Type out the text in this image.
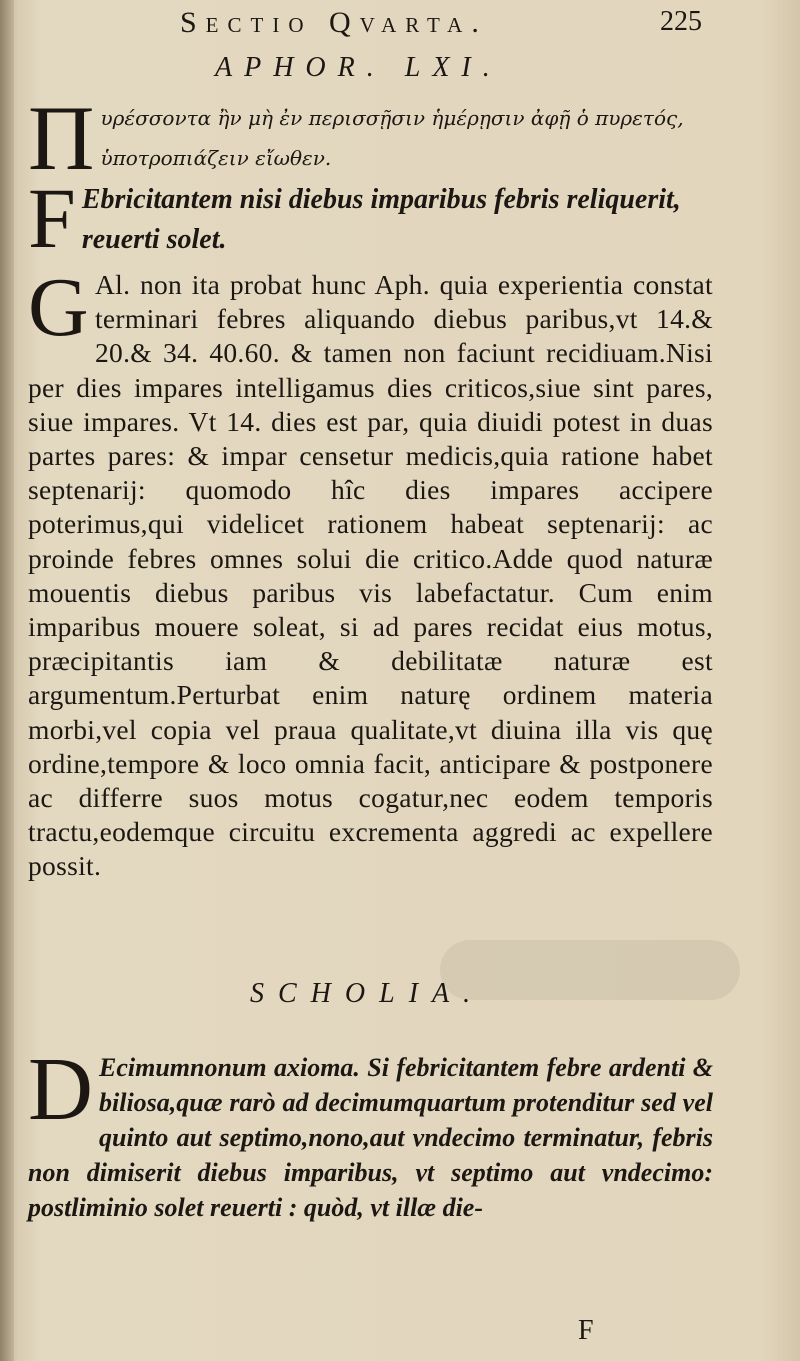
Sectio Qvarta.	225
APHOR. LXI.
Π υρέσσοντα ἢν μὴ ἐν περισσῇσιν ἡμέρῃσιν ἀφῇ ὁ πυρετός, ὑποτροπιάζειν εἴωθεν.
F Ebricitantem nisi diebus imparibus febris reliquerit, reuerti solet.
G Al. non ita probat hunc Aph. quia experientia constat terminari febres aliquando diebus paribus,vt 14.& 20.& 34. 40.60. & tamen non faciunt recidiuam.Nisi per dies impares intelligamus dies criticos,siue sint pares, siue impares. Vt 14. dies est par, quia diuidi potest in duas partes pares: & impar censetur medicis,quia ratione habet septenarij: quomodo hîc dies impares accipere poterimus,qui videlicet rationem habeat septenarij: ac proinde febres omnes solui die critico.Adde quod naturæ mouentis diebus paribus vis labefactatur. Cum enim imparibus mouere soleat, si ad pares recidat eius motus, præcipitantis iam & debilitatæ naturæ est argumentum.Perturbat enim naturę ordinem materia morbi,vel copia vel praua qualitate,vt diuina illa vis quę ordine,tempore & loco omnia facit, anticipare & postponere ac differre suos motus cogatur,nec eodem temporis tractu,eodemque circuitu excrementa aggredi ac expellere possit.
SCHOLIA.
D Ecimumnonum axioma. Si febricitantem febre ardenti & biliosa,quæ rarò ad decimumquartum protenditur sed vel quinto aut septimo,nono,aut vndecimo terminatur, febris non dimiserit diebus imparibus, vt septimo aut vndecimo: postliminio solet reuerti : quòd, vt illæ die-
F
